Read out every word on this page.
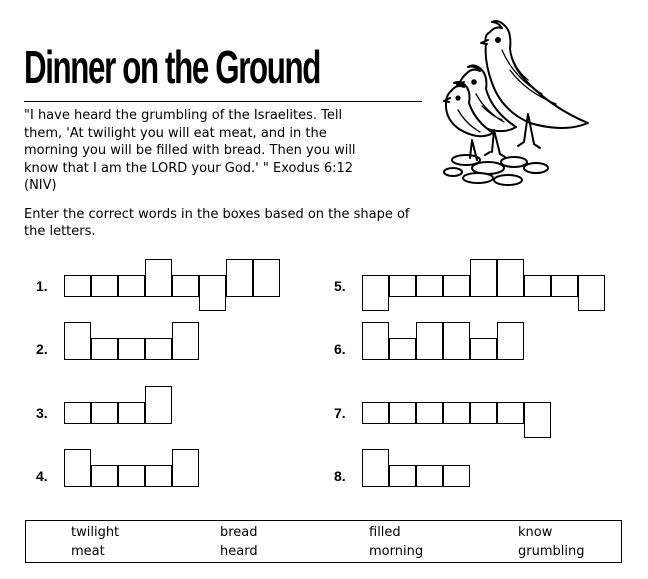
Dinner on the Ground
"I have heard the grumbling of the Israelites. Tell
them, 'At twilight you will eat meat, and in the
morning you will be filled with bread. Then you will
know that I am the LORD your God.' " Exodus 6:12
(NIV)
Enter the correct words in the boxes based on the shape of the letters.
1.
2.
3.
4.
5.
6.
7.
8.
twilight	bread	filled	know
meat	heard	morning	grumbling
